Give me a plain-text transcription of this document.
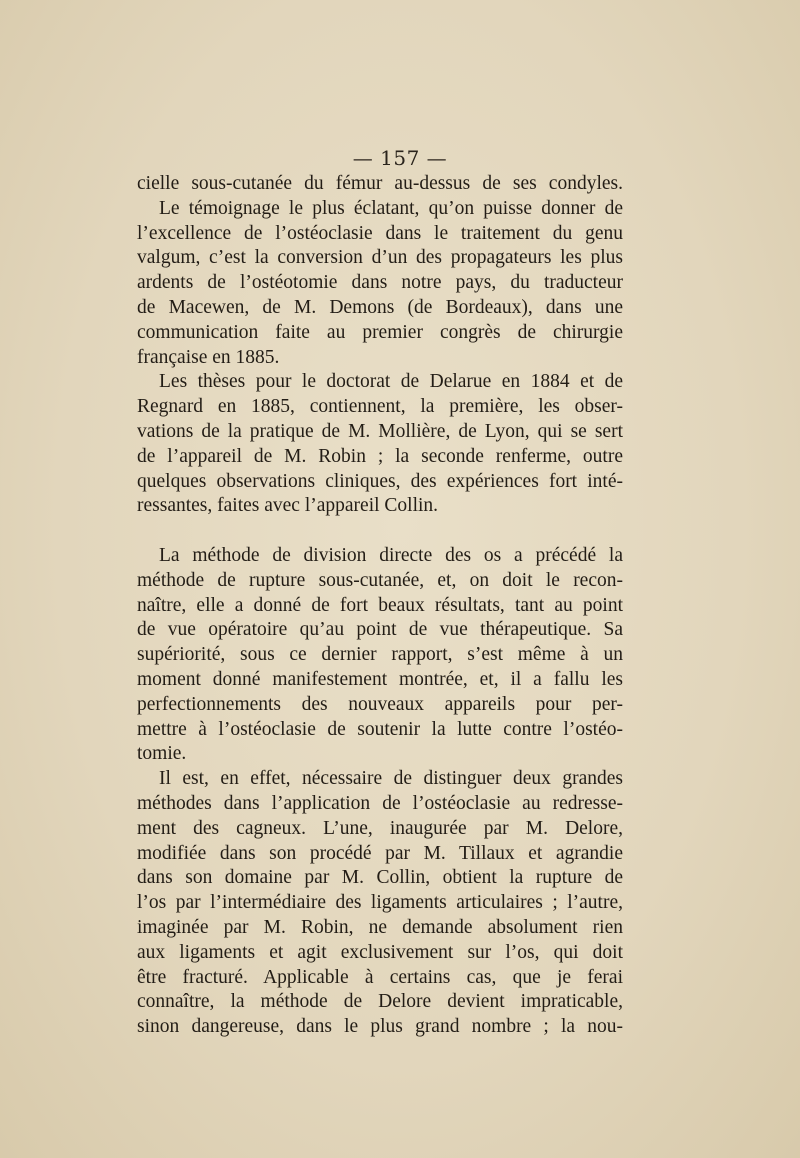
— 157 —
cielle sous-cutanée du fémur au-dessus de ses condyles.
Le témoignage le plus éclatant, qu’on puisse donner de
l’excellence de l’ostéoclasie dans le traitement du genu
valgum, c’est la conversion d’un des propagateurs les plus
ardents de l’ostéotomie dans notre pays, du traducteur
de Macewen, de M. Demons (de Bordeaux), dans une
communication faite au premier congrès de chirurgie
française en 1885.
Les thèses pour le doctorat de Delarue en 1884 et de
Regnard en 1885, contiennent, la première, les obser-
vations de la pratique de M. Mollière, de Lyon, qui se sert
de l’appareil de M. Robin ; la seconde renferme, outre
quelques observations cliniques, des expériences fort inté-
ressantes, faites avec l’appareil Collin.
La méthode de division directe des os a précédé la
méthode de rupture sous-cutanée, et, on doit le recon-
naître, elle a donné de fort beaux résultats, tant au point
de vue opératoire qu’au point de vue thérapeutique. Sa
supériorité, sous ce dernier rapport, s’est même à un
moment donné manifestement montrée, et, il a fallu les
perfectionnements des nouveaux appareils pour per-
mettre à l’ostéoclasie de soutenir la lutte contre l’ostéo-
tomie.
Il est, en effet, nécessaire de distinguer deux grandes
méthodes dans l’application de l’ostéoclasie au redresse-
ment des cagneux. L’une, inaugurée par M. Delore,
modifiée dans son procédé par M. Tillaux et agrandie
dans son domaine par M. Collin, obtient la rupture de
l’os par l’intermédiaire des ligaments articulaires ; l’autre,
imaginée par M. Robin, ne demande absolument rien
aux ligaments et agit exclusivement sur l’os, qui doit
être fracturé. Applicable à certains cas, que je ferai
connaître, la méthode de Delore devient impraticable,
sinon dangereuse, dans le plus grand nombre ; la nou-
